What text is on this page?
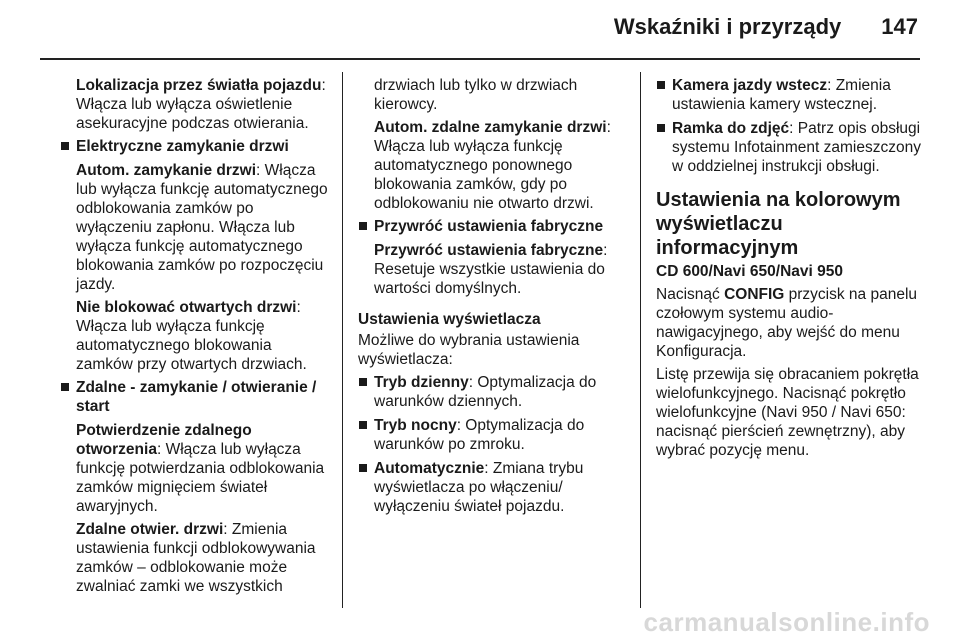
Wskaźniki i przyrządy 147

Lokalizacja przez światła pojazdu: Włącza lub wyłącza oświetlenie asekuracyjne podczas otwierania.

Elektryczne zamykanie drzwi

Autom. zamykanie drzwi: Włącza lub wyłącza funkcję automatycznego odblokowania zamków po wyłączeniu zapłonu. Włącza lub wyłącza funkcję automatycznego blokowania zamków po rozpoczęciu jazdy.

Nie blokować otwartych drzwi: Włącza lub wyłącza funkcję automatycznego blokowania zamków przy otwartych drzwiach.

Zdalne - zamykanie / otwieranie / start

Potwierdzenie zdalnego otworzenia: Włącza lub wyłącza funkcję potwierdzania odblokowania zamków mignięciem świateł awaryjnych.

Zdalne otwier. drzwi: Zmienia ustawienia funkcji odblokowywania zamków – odblokowanie może zwalniać zamki we wszystkich

drzwiach lub tylko w drzwiach kierowcy.

Autom. zdalne zamykanie drzwi: Włącza lub wyłącza funkcję automatycznego ponownego blokowania zamków, gdy po odblokowaniu nie otwarto drzwi.

Przywróć ustawienia fabryczne

Przywróć ustawienia fabryczne: Resetuje wszystkie ustawienia do wartości domyślnych.

Ustawienia wyświetlacza

Możliwe do wybrania ustawienia wyświetlacza:

Tryb dzienny: Optymalizacja do warunków dziennych.
Tryb nocny: Optymalizacja do warunków po zmroku.
Automatycznie: Zmiana trybu wyświetlacza po włączeniu/ wyłączeniu świateł pojazdu.
Kamera jazdy wstecz: Zmienia ustawienia kamery wstecznej.
Ramka do zdjęć: Patrz opis obsługi systemu Infotainment zamieszczony w oddzielnej instrukcji obsługi.
Ustawienia na kolorowym wyświetlaczu informacyjnym
CD 600/Navi 650/Navi 950

Nacisnąć CONFIG przycisk na panelu czołowym systemu audio-nawigacyjnego, aby wejść do menu Konfiguracja.

Listę przewija się obracaniem pokrętła wielofunkcyjnego. Nacisnąć pokrętło wielofunkcyjne (Navi 950 / Navi 650: nacisnąć pierścień zewnętrzny), aby wybrać pozycję menu.

carmanualsonline.info
